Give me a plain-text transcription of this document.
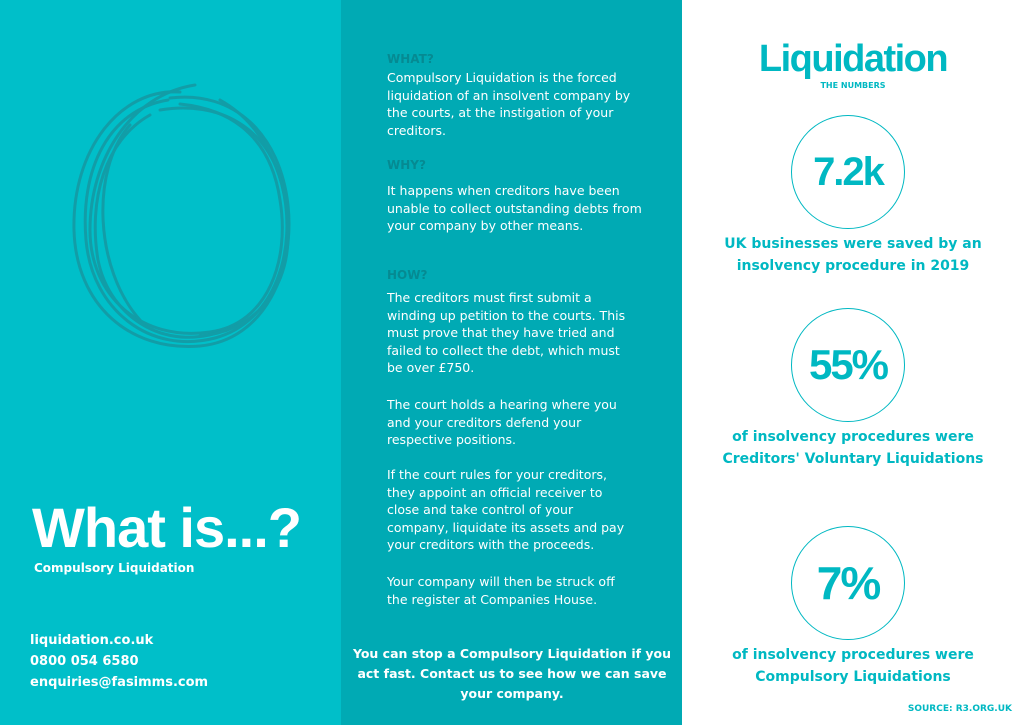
What is...?
Compulsory Liquidation
liquidation.co.uk
0800 054 6580
enquiries@fasimms.com
WHAT?
Compulsory Liquidation is the forced liquidation of an insolvent company by the courts, at the instigation of your creditors.
WHY?
It happens when creditors have been unable to collect outstanding debts from your company by other means.
HOW?
The creditors must first submit a winding up petition to the courts. This must prove that they have tried and failed to collect the debt, which must be over £750.
The court holds a hearing where you and your creditors defend your respective positions.
If the court rules for your creditors, they appoint an official receiver to close and take control of your company, liquidate its assets and pay your creditors with the proceeds.
Your company will then be struck off the register at Companies House.
You can stop a Compulsory Liquidation if you act fast. Contact us to see how we can save your company.
Liquidation
THE NUMBERS
7.2k
UK businesses were saved by an insolvency procedure in 2019
55%
of insolvency procedures were Creditors' Voluntary Liquidations
7%
of insolvency procedures were Compulsory Liquidations
SOURCE: R3.ORG.UK
